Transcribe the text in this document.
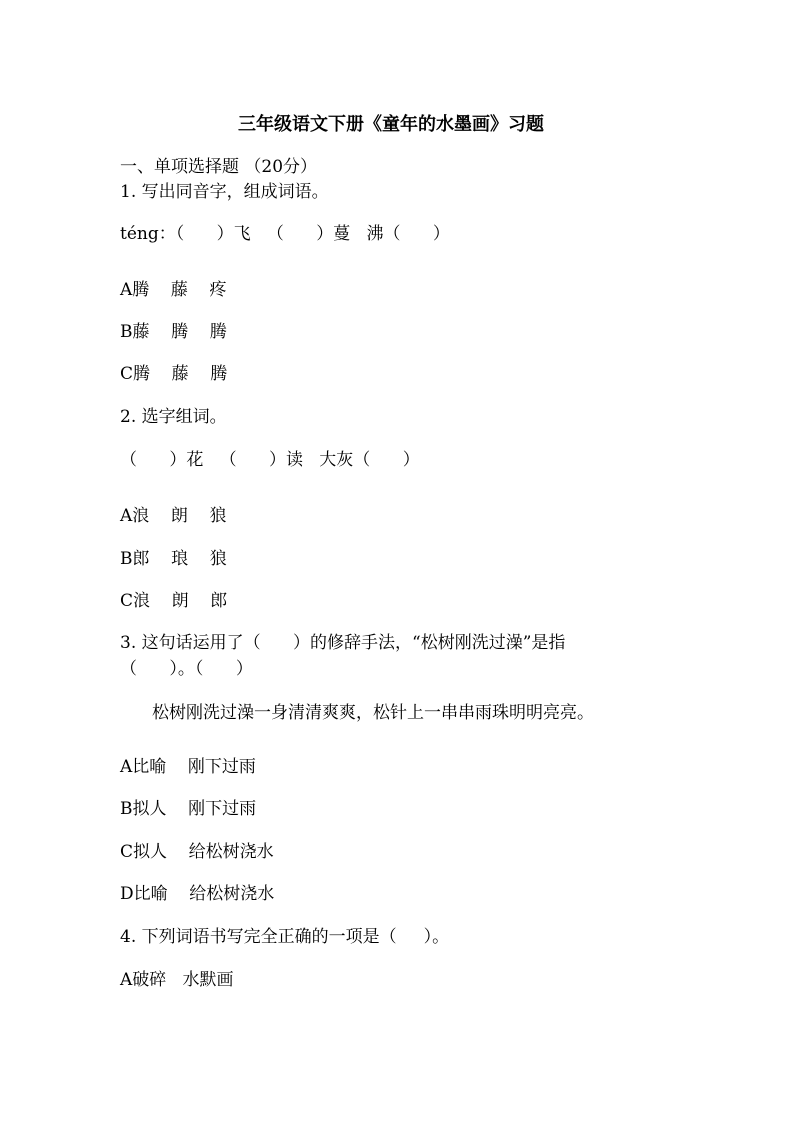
三年级语文下册《童年的水墨画》习题
一、单项选择题 （20分）
1. 写出同音字，组成词语。
téng：（      ）飞   （      ）蔓   沸（      ）
A腾    藤    疼
B藤    腾    腾
C腾    藤    腾
2. 选字组词。
（      ）花   （      ）读   大灰（      ）
A浪    朗    狼
B郎    琅    狼
C浪    朗    郎
3. 这句话运用了（      ）的修辞手法，“松树刚洗过澡”是指
（      ）。（      ）
松树刚洗过澡一身清清爽爽，松针上一串串雨珠明明亮亮。
A比喻    刚下过雨
B拟人    刚下过雨
C拟人    给松树浇水
D比喻    给松树浇水
4. 下列词语书写完全正确的一项是（     ）。
A破碎   水默画
